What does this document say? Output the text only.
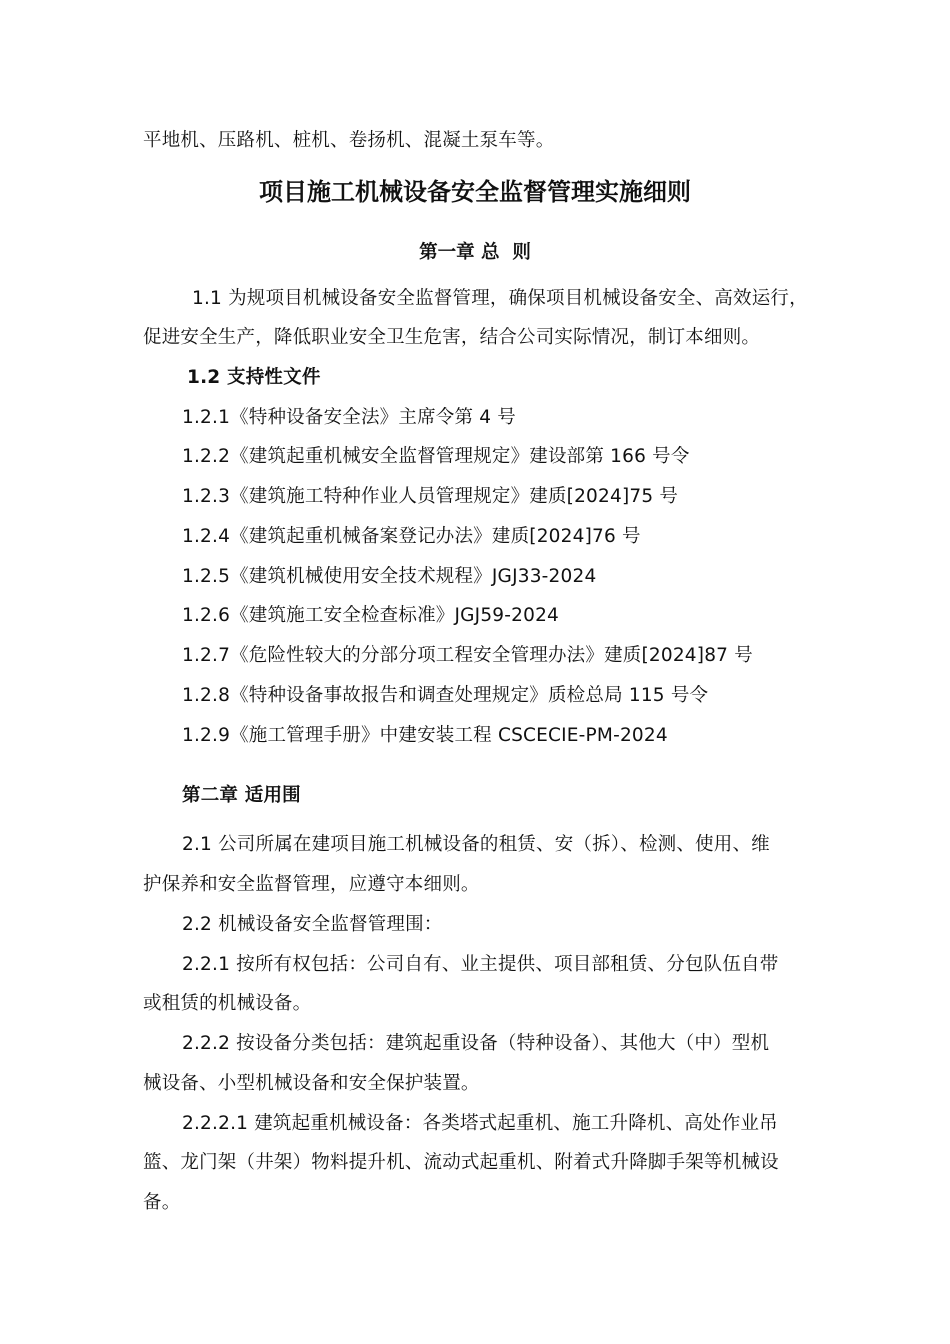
平地机、压路机、桩机、卷扬机、混凝土泵车等。
项目施工机械设备安全监督管理实施细则
第一章 总  则
1.1 为规项目机械设备安全监督管理，确保项目机械设备安全、高效运行，
促进安全生产，降低职业安全卫生危害，结合公司实际情况，制订本细则。
1.2 支持性文件
1.2.1《特种设备安全法》主席令第 4 号
1.2.2《建筑起重机械安全监督管理规定》建设部第 166 号令
1.2.3《建筑施工特种作业人员管理规定》建质[2024]75 号
1.2.4《建筑起重机械备案登记办法》建质[2024]76 号
1.2.5《建筑机械使用安全技术规程》JGJ33-2024
1.2.6《建筑施工安全检查标准》JGJ59-2024
1.2.7《危险性较大的分部分项工程安全管理办法》建质[2024]87 号
1.2.8《特种设备事故报告和调查处理规定》质检总局 115 号令
1.2.9《施工管理手册》中建安装工程 CSCECIE-PM-2024
第二章 适用围
2.1 公司所属在建项目施工机械设备的租赁、安（拆）、检测、使用、维
护保养和安全监督管理，应遵守本细则。
2.2 机械设备安全监督管理围：
2.2.1 按所有权包括：公司自有、业主提供、项目部租赁、分包队伍自带
或租赁的机械设备。
2.2.2 按设备分类包括：建筑起重设备（特种设备）、其他大（中）型机
械设备、小型机械设备和安全保护装置。
2.2.2.1 建筑起重机械设备：各类塔式起重机、施工升降机、高处作业吊
篮、龙门架（井架）物料提升机、流动式起重机、附着式升降脚手架等机械设
备。
